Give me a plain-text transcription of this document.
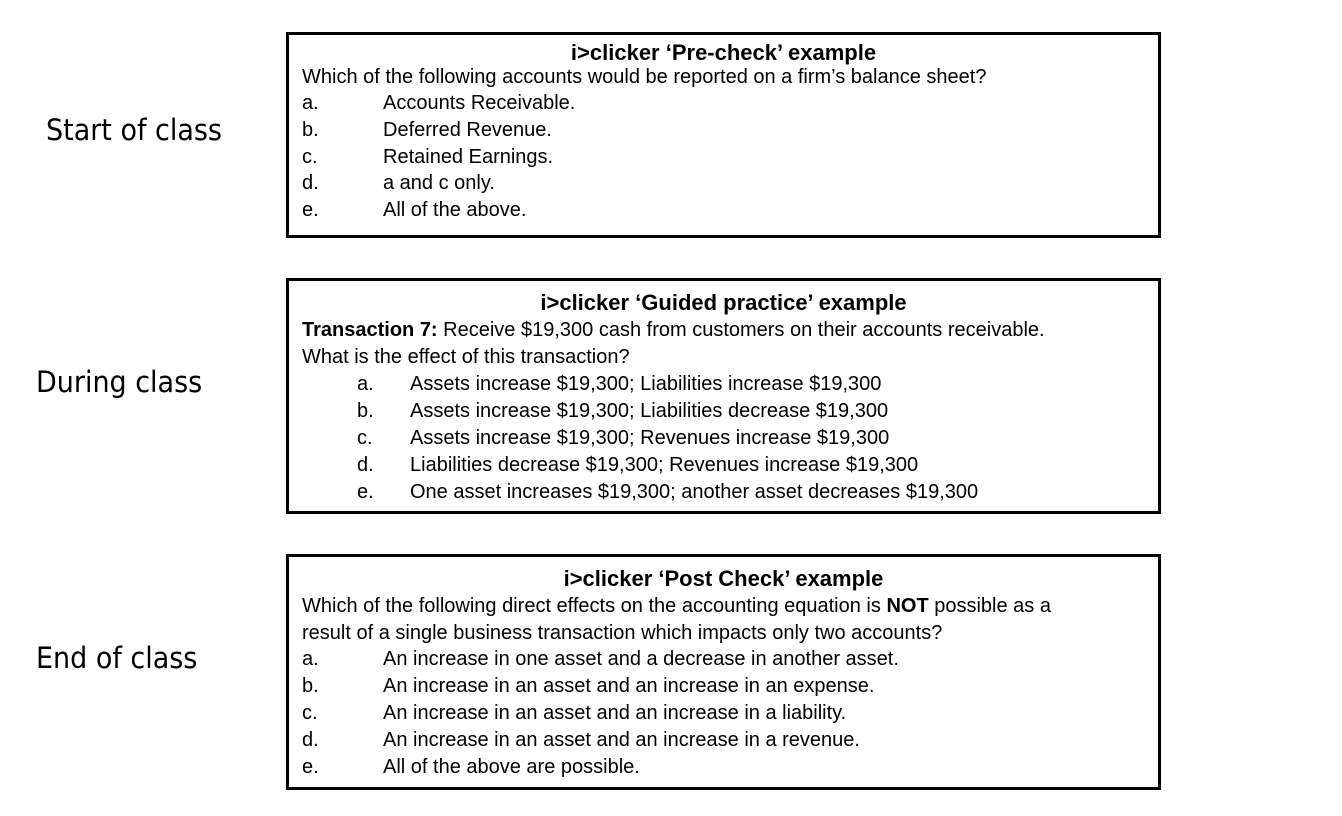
Start of class
During class
End of class
i>clicker ‘Pre-check’ example
Which of the following accounts would be reported on a firm’s balance sheet?
a.	Accounts Receivable.
b.	Deferred Revenue.
c.	Retained Earnings.
d.	a and c only.
e.	All of the above.
i>clicker ‘Guided practice’ example
Transaction 7: Receive $19,300 cash from customers on their accounts receivable.
What is the effect of this transaction?
a. Assets increase $19,300; Liabilities increase $19,300
b. Assets increase $19,300; Liabilities decrease $19,300
c. Assets increase $19,300; Revenues increase $19,300
d. Liabilities decrease $19,300; Revenues increase $19,300
e. One asset increases $19,300; another asset decreases $19,300
i>clicker ‘Post Check’ example
Which of the following direct effects on the accounting equation is NOT possible as a
result of a single business transaction which impacts only two accounts?
a.	An increase in one asset and a decrease in another asset.
b.	An increase in an asset and an increase in an expense.
c.	An increase in an asset and an increase in a liability.
d.	An increase in an asset and an increase in a revenue.
e.	All of the above are possible.
